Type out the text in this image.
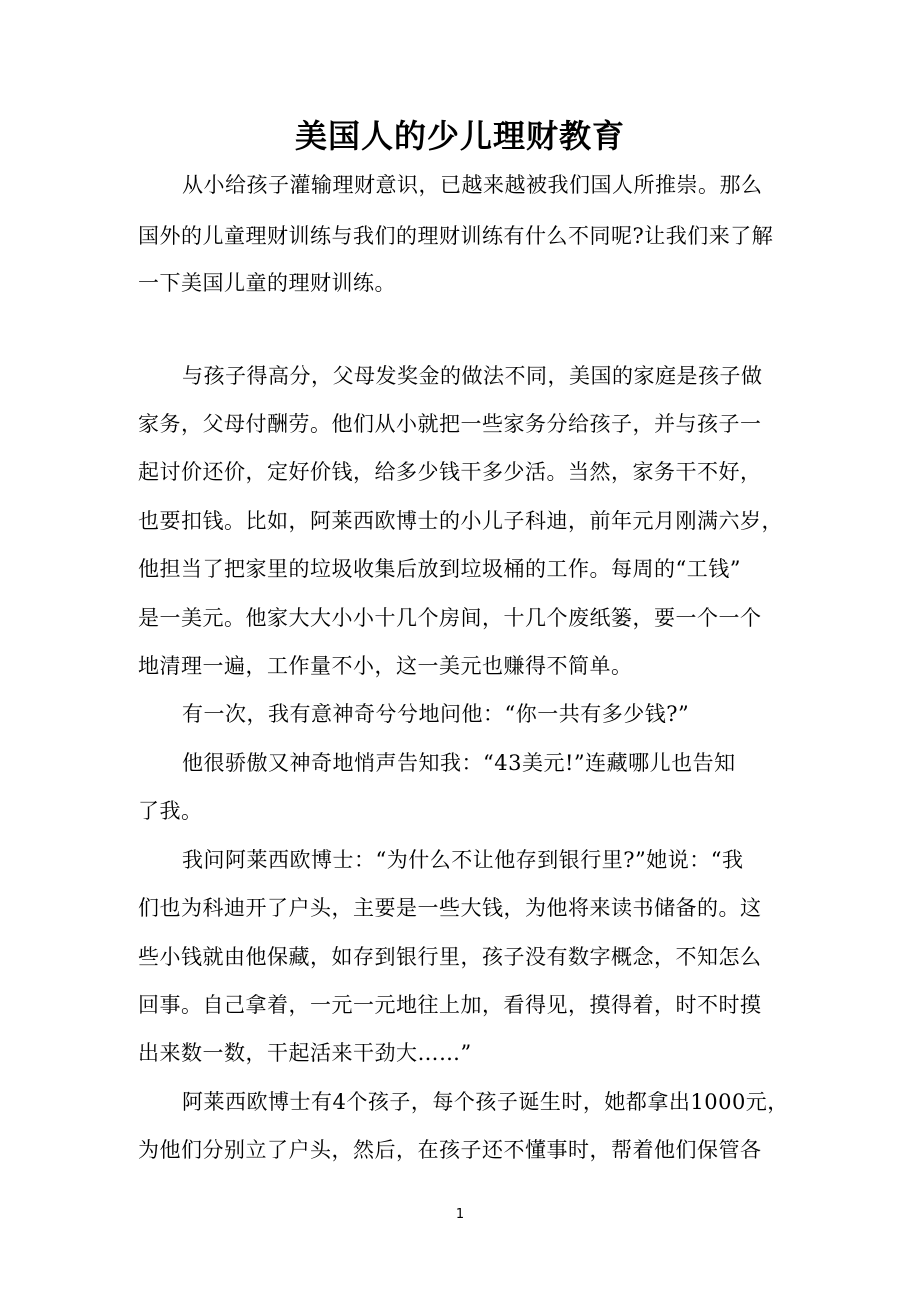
美国人的少儿理财教育
从小给孩子灌输理财意识，已越来越被我们国人所推崇。那么
国外的儿童理财训练与我们的理财训练有什么不同呢?让我们来了解
一下美国儿童的理财训练。
与孩子得高分，父母发奖金的做法不同，美国的家庭是孩子做
家务，父母付酬劳。他们从小就把一些家务分给孩子，并与孩子一
起讨价还价，定好价钱，给多少钱干多少活。当然，家务干不好，
也要扣钱。比如，阿莱西欧博士的小儿子科迪，前年元月刚满六岁，
他担当了把家里的垃圾收集后放到垃圾桶的工作。每周的“工钱”
是一美元。他家大大小小十几个房间，十几个废纸篓，要一个一个
地清理一遍，工作量不小，这一美元也赚得不简单。
有一次，我有意神奇兮兮地问他：“你一共有多少钱?”
他很骄傲又神奇地悄声告知我：“43美元!”连藏哪儿也告知
了我。
我问阿莱西欧博士：“为什么不让他存到银行里?”她说：“我
们也为科迪开了户头，主要是一些大钱，为他将来读书储备的。这
些小钱就由他保藏，如存到银行里，孩子没有数字概念，不知怎么
回事。自己拿着，一元一元地往上加，看得见，摸得着，时不时摸
出来数一数，干起活来干劲大……”
阿莱西欧博士有4个孩子，每个孩子诞生时，她都拿出1000元，
为他们分别立了户头，然后，在孩子还不懂事时，帮着他们保管各
1
